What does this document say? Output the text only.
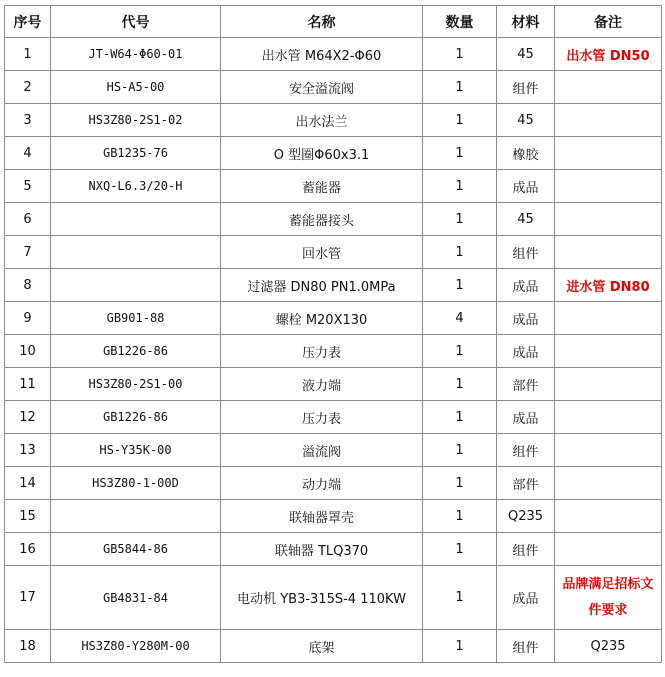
序号	代号	名称	数量	材料	备注
1	JT-W64-Φ60-01	出水管 M64X2-Φ60	1	45	出水管 DN50
2	HS-A5-00	安全溢流阀	1	组件	
3	HS3Z80-2S1-02	出水法兰	1	45	
4	GB1235-76	O 型圈Φ60x3.1	1	橡胶	
5	NXQ-L6.3/20-H	蓄能器	1	成品	
6		蓄能器接头	1	45	
7		回水管	1	组件	
8		过滤器 DN80 PN1.0MPa	1	成品	进水管 DN80
9	GB901-88	螺栓 M20X130	4	成品	
10	GB1226-86	压力表	1	成品	
11	HS3Z80-2S1-00	液力端	1	部件	
12	GB1226-86	压力表	1	成品	
13	HS-Y35K-00	溢流阀	1	组件	
14	HS3Z80-1-00D	动力端	1	部件	
15		联轴器罩壳	1	Q235	
16	GB5844-86	联轴器 TLQ370	1	组件	
17	GB4831-84	电动机 YB3-315S-4 110KW	1	成品	品牌满足招标文件要求
18	HS3Z80-Y280M-00	底架	1	组件	Q235
